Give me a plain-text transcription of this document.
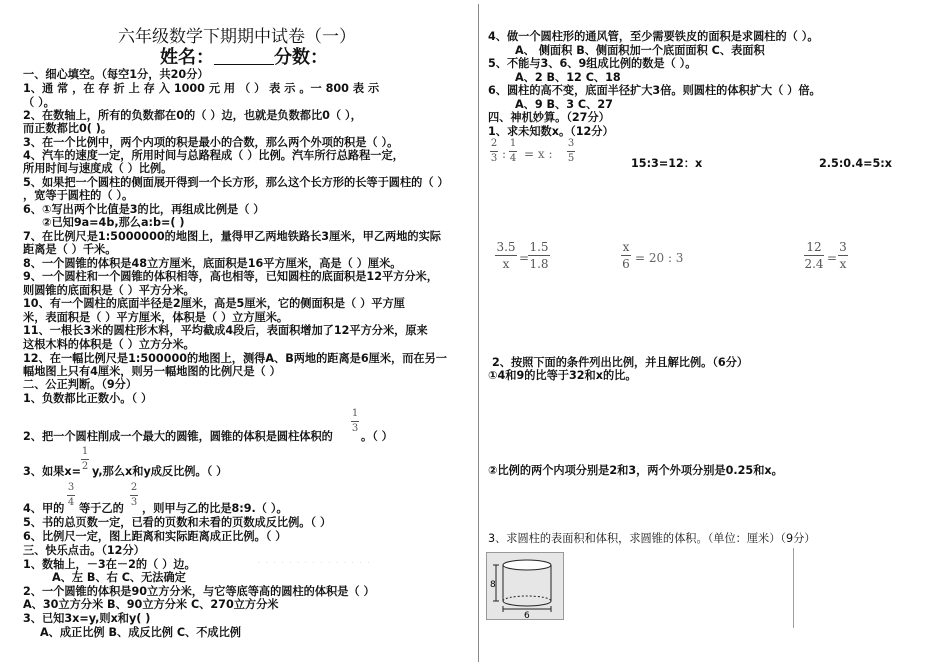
六年级数学下期期中试卷（一）
姓名：	分数：
一、细心填空。（每空1分，共20分）
1、通 常 ，在 存 折 上 存 入 1000 元 用 （ ） 表 示 。一 800 表 示
（ ）。
2、在数轴上，所有的负数都在0的（ ）边，也就是负数都比0（ ），
而正数都比0( )。
3、在一个比例中，两个内项的积是最小的合数，那么两个外项的积是（ ）。
4、汽车的速度一定，所用时间与总路程成（ ）比例。汽车所行总路程一定，
所用时间与速度成（ ）比例。
5、如果把一个圆柱的侧面展开得到一个长方形，那么这个长方形的长等于圆柱的（ ）
，宽等于圆柱的（ ）。
6、①写出两个比值是3的比，再组成比例是（ ）
②已知9a=4b,那么a:b=( )
7、在比例尺是1:5000000的地图上，量得甲乙两地铁路长3厘米，甲乙两地的实际
距离是（ ）千米。
8、一个圆锥的体积是48立方厘米，底面积是16平方厘米，高是（ ）厘米。
9、一个圆柱和一个圆锥的体积相等，高也相等，已知圆柱的底面积是12平方分米，
则圆锥的底面积是（ ）平方分米。
10、有一个圆柱的底面半径是2厘米，高是5厘米，它的侧面积是（ ）平方厘
米，表面积是（ ）平方厘米，体积是（ ）立方厘米。
11、一根长3米的圆柱形木料，平均截成4段后，表面积增加了12平方分米，原来
这根木料的体积是（ ）立方分米。
12、在一幅比例尺是1:500000的地图上，测得A、B两地的距离是6厘米，而在另一
幅地图上只有4厘米，则另一幅地图的比例尺是（ ）
二、公正判断。（9分）
1、负数都比正数小。（ ）
2、把一个圆柱削成一个最大的圆锥，圆锥的体积是圆柱体积的
1
3
。（ ）
3、如果x=
1
2 y,那么x和y成反比例。（ ）
4、甲的
3
4 等于乙的
2
3 ，则甲与乙的比是8:9.（ ）。
5、书的总页数一定，已看的页数和未看的页数成反比例。（ ）
6、比例尺一定，图上距离和实际距离成正比例。（ ）
三、快乐点击。（12分）
1、数轴上，－3在－2的（ ）边。
A、左 B、右 C、无法确定
2、一个圆锥的体积是90立方分米，与它等底等高的圆柱的体积是（ ）
A、30立方分米 B、90立方分米 C、270立方分米
3、已知3x=y,则x和y( )
A、成正比例 B、成反比例 C、不成比例
· · · · · · · · · · · · · · ·
4、做一个圆柱形的通风管，至少需要铁皮的面积是求圆柱的（ ）。
A、 侧面积 B、侧面积加一个底面面积 C、表面积
5、不能与3、6、9组成比例的数是（ ）。
A、2 B、12 C、18
6、圆柱的高不变，底面半径扩大3倍。则圆柱的体积扩大（ ）倍。
A、9 B、3 C、27
四、神机妙算。（27分）
1、求未知数x。（12分）
2
3 :
1
4 = x :
3
5	15:3=12：x	2.5:0.4=5:x
3.5
x =
1.5
1.8
x
6 = 20 : 3
12
2.4 =
3
x
2、按照下面的条件列出比例，并且解比例。（6分）
①4和9的比等于32和x的比。
②比例的两个内项分别是2和3，两个外项分别是0.25和x。
3、求圆柱的表面积和体积，求圆锥的体积。（单位：厘米）（9分）
8
6
